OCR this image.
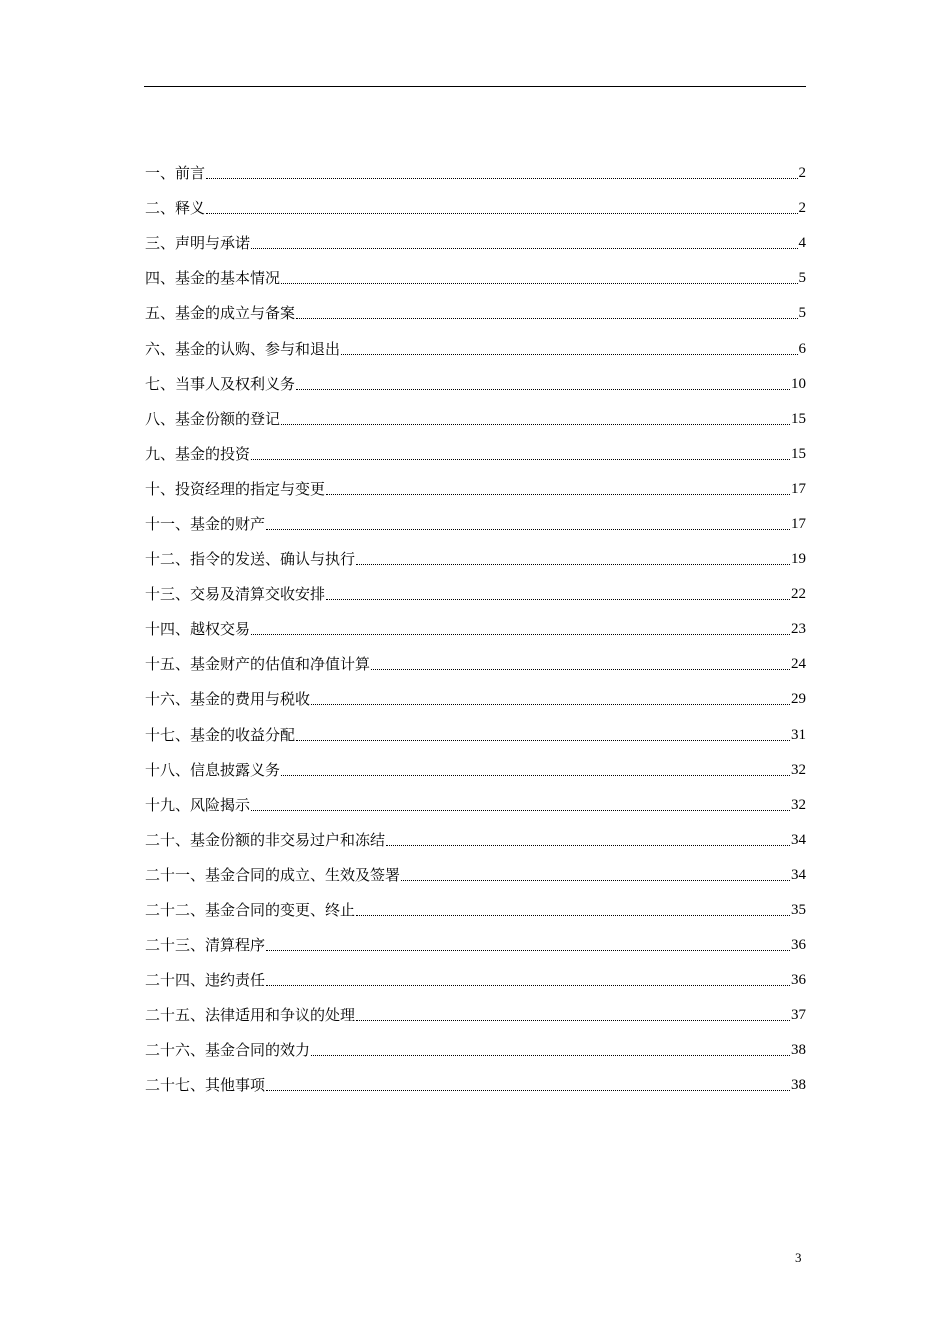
一、前言	2
二、释义	2
三、声明与承诺	4
四、基金的基本情况	5
五、基金的成立与备案	5
六、基金的认购、参与和退出	6
七、当事人及权利义务	10
八、基金份额的登记	15
九、基金的投资	15
十、投资经理的指定与变更	17
十一、基金的财产	17
十二、指令的发送、确认与执行	19
十三、交易及清算交收安排	22
十四、越权交易	23
十五、基金财产的估值和净值计算	24
十六、基金的费用与税收	29
十七、基金的收益分配	31
十八、信息披露义务	32
十九、风险揭示	32
二十、基金份额的非交易过户和冻结	34
二十一、基金合同的成立、生效及签署	34
二十二、基金合同的变更、终止	35
二十三、清算程序	36
二十四、违约责任	36
二十五、法律适用和争议的处理	37
二十六、基金合同的效力	38
二十七、其他事项	38
3
